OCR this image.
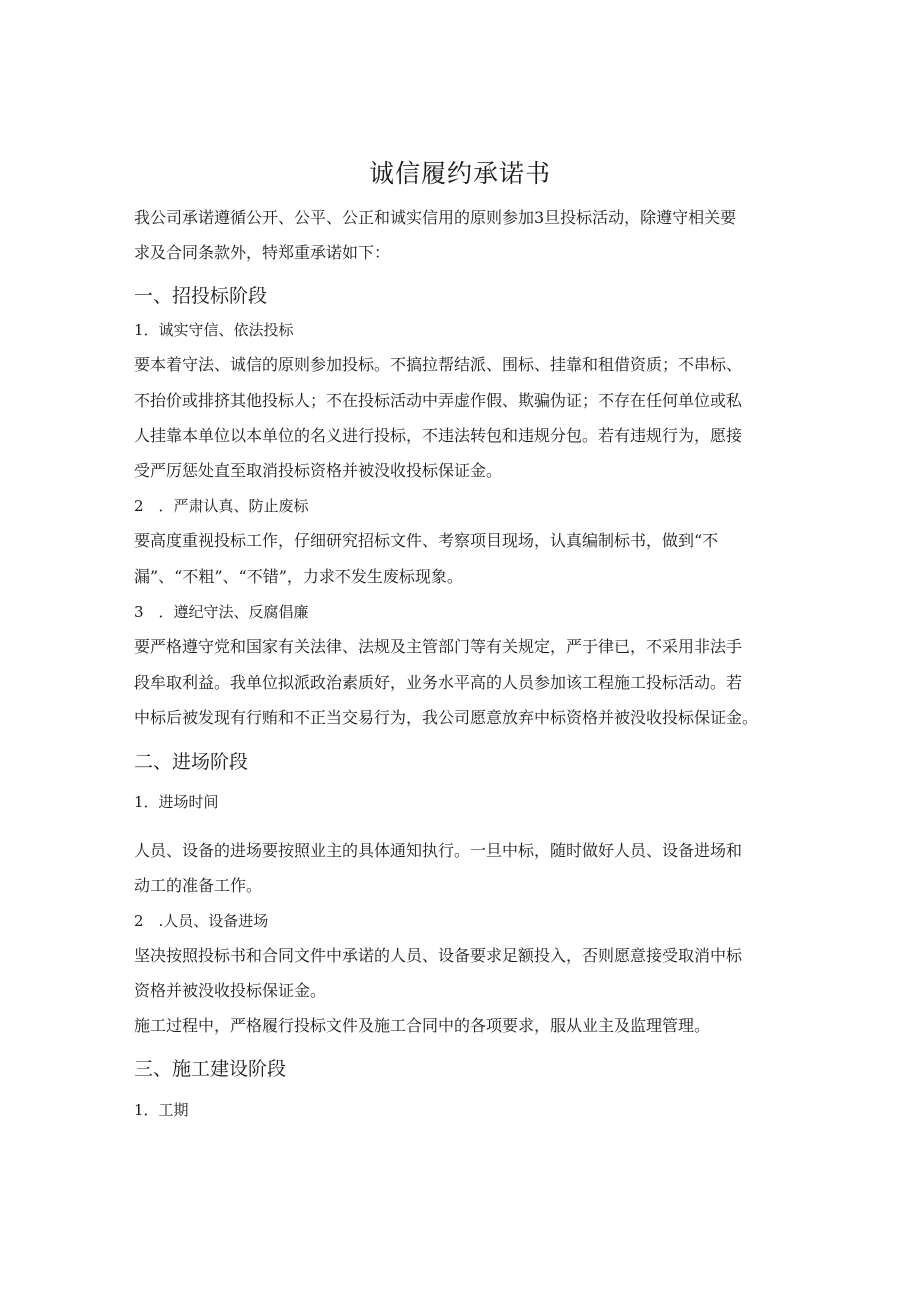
诚信履约承诺书
我公司承诺遵循公开、公平、公正和诚实信用的原则参加3旦投标活动，除遵守相关要
求及合同条款外，特郑重承诺如下：
一、招投标阶段
1．诚实守信、依法投标
要本着守法、诚信的原则参加投标。不搞拉帮结派、围标、挂靠和租借资质；不串标、
不抬价或排挤其他投标人；不在投标活动中弄虚作假、欺骗伪证；不存在任何单位或私
人挂靠本单位以本单位的名义进行投标，不违法转包和违规分包。若有违规行为，愿接
受严厉惩处直至取消投标资格并被没收投标保证金。
2　．严肃认真、防止废标
要高度重视投标工作，仔细研究招标文件、考察项目现场，认真编制标书，做到“不
漏”、“不粗”、“不错”，力求不发生废标现象。
3　．遵纪守法、反腐倡廉
要严格遵守党和国家有关法律、法规及主管部门等有关规定，严于律已，不采用非法手
段牟取利益。我单位拟派政治素质好，业务水平高的人员参加该工程施工投标活动。若
中标后被发现有行贿和不正当交易行为，我公司愿意放弃中标资格并被没收投标保证金。
二、进场阶段
1．进场时间
人员、设备的进场要按照业主的具体通知执行。一旦中标，随时做好人员、设备进场和
动工的准备工作。
2　.人员、设备进场
坚决按照投标书和合同文件中承诺的人员、设备要求足额投入，否则愿意接受取消中标
资格并被没收投标保证金。
施工过程中，严格履行投标文件及施工合同中的各项要求，服从业主及监理管理。
三、施工建设阶段
1．工期
